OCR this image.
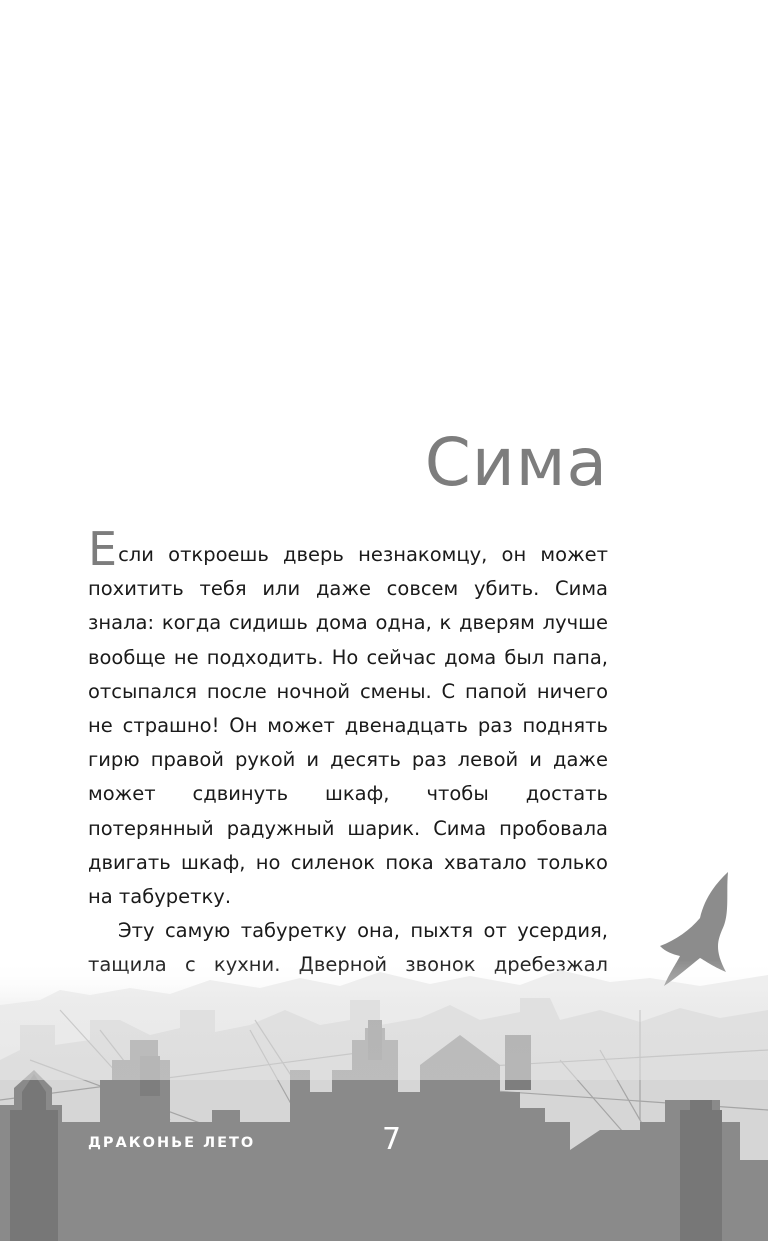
Сима

Если откроешь дверь незнакомцу, он может похитить тебя или даже совсем убить. Сима знала: когда сидишь дома одна, к дверям лучше вообще не подходить. Но сейчас дома был папа, отсыпался после ночной смены. С папой ничего не страшно! Он может двенадцать раз поднять гирю правой рукой и десять раз левой и даже может сдвинуть шкаф, чтобы достать потерянный радужный шарик. Сима пробовала двигать шкаф, но силенок пока хватало только на табуретку.

Эту самую табуретку она, пыхтя от усердия,

ДРАКОНЬЕ ЛЕТО	7
